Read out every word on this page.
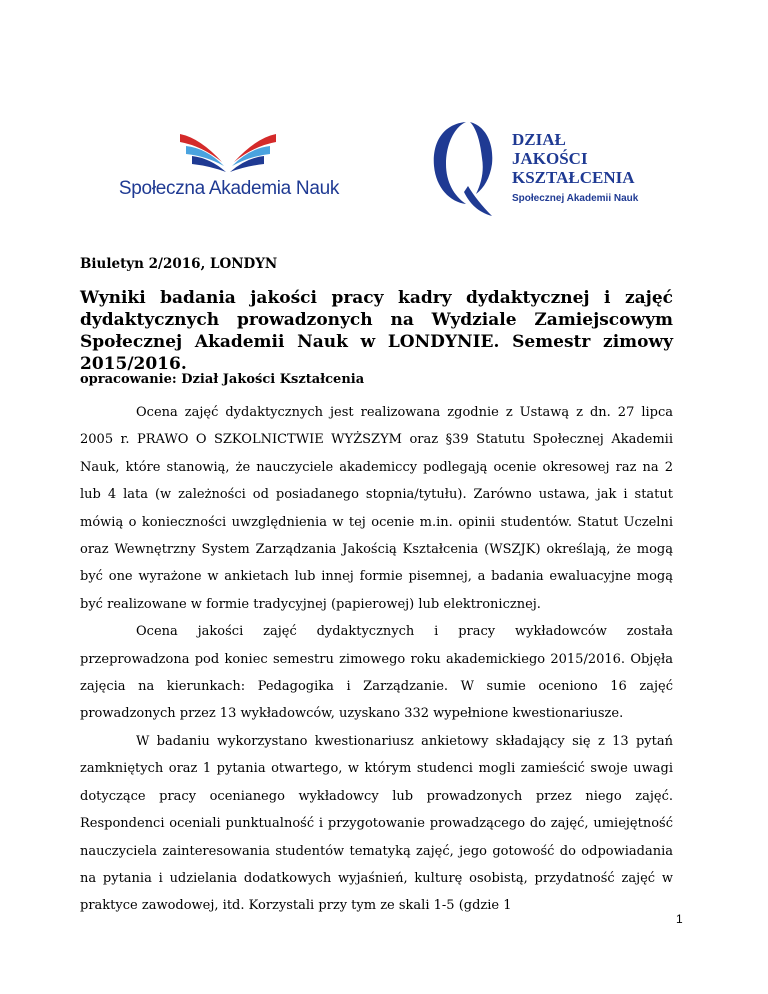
Społeczna Akademia Nauk
DZIAŁ
JAKOŚCI
KSZTAŁCENIA
Społecznej Akademii Nauk
Biuletyn 2/2016, LONDYN
Wyniki badania jakości pracy kadry dydaktycznej i zajęć dydaktycznych prowadzonych na Wydziale Zamiejscowym Społecznej Akademii Nauk w LONDYNIE. Semestr zimowy 2015/2016.
opracowanie: Dział Jakości Kształcenia

Ocena zajęć dydaktycznych jest realizowana zgodnie z Ustawą z dn. 27 lipca 2005 r. PRAWO O SZKOLNICTWIE WYŻSZYM oraz §39 Statutu Społecznej Akademii Nauk, które stanowią, że nauczyciele akademiccy podlegają ocenie okresowej raz na 2 lub 4 lata (w zależności od posiadanego stopnia/tytułu). Zarówno ustawa, jak i statut mówią o konieczności uwzględnienia w tej ocenie m.in. opinii studentów. Statut Uczelni oraz Wewnętrzny System Zarządzania Jakością Kształcenia (WSZJK) określają, że mogą być one wyrażone w ankietach lub innej formie pisemnej, a badania ewaluacyjne mogą być realizowane w formie tradycyjnej (papierowej) lub elektronicznej.

Ocena jakości zajęć dydaktycznych i pracy wykładowców została przeprowadzona pod koniec semestru zimowego roku akademickiego 2015/2016. Objęła zajęcia na kierunkach: Pedagogika i Zarządzanie. W sumie oceniono 16 zajęć prowadzonych przez 13 wykładowców, uzyskano 332 wypełnione kwestionariusze.

W badaniu wykorzystano kwestionariusz ankietowy składający się z 13 pytań zamkniętych oraz 1 pytania otwartego, w którym studenci mogli zamieścić swoje uwagi dotyczące pracy ocenianego wykładowcy lub prowadzonych przez niego zajęć. Respondenci oceniali punktualność i przygotowanie prowadzącego do zajęć, umiejętność nauczyciela zainteresowania studentów tematyką zajęć, jego gotowość do odpowiadania na pytania i udzielania dodatkowych wyjaśnień, kulturę osobistą, przydatność zajęć w praktyce zawodowej, itd. Korzystali przy tym ze skali 1-5 (gdzie 1

1
